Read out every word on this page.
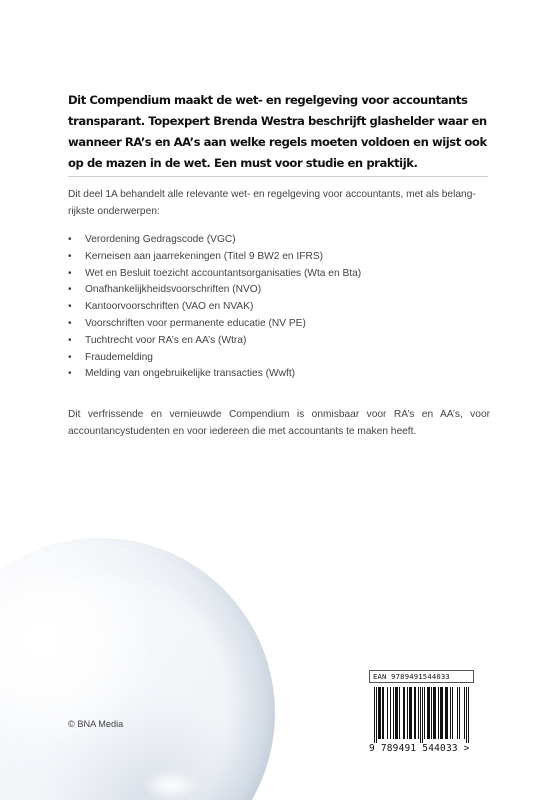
Dit Compendium maakt de wet- en regelgeving voor accountants transparant. Topexpert Brenda Westra beschrijft glashelder waar en wanneer RA’s en AA’s aan welke regels moeten voldoen en wijst ook op de mazen in de wet. Een must voor studie en praktijk.

Dit deel 1A behandelt alle relevante wet- en regelgeving voor accountants, met als belangrijkste onderwerpen:

• Verordening Gedragscode (VGC)
• Kerneisen aan jaarrekeningen (Titel 9 BW2 en IFRS)
• Wet en Besluit toezicht accountantsorganisaties (Wta en Bta)
• Onafhankelijkheidsvoorschriften (NVO)
• Kantoorvoorschriften (VAO en NVAK)
• Voorschriften voor permanente educatie (NV PE)
• Tuchtrecht voor RA’s en AA’s (Wtra)
• Fraudemelding
• Melding van ongebruikelijke transacties (Wwft)

Dit verfrissende en vernieuwde Compendium is onmisbaar voor RA’s en AA’s, voor accountancystudenten en voor iedereen die met accountants te maken heeft.

© BNA Media

EAN 9789491544033
9 789491 544033 >
